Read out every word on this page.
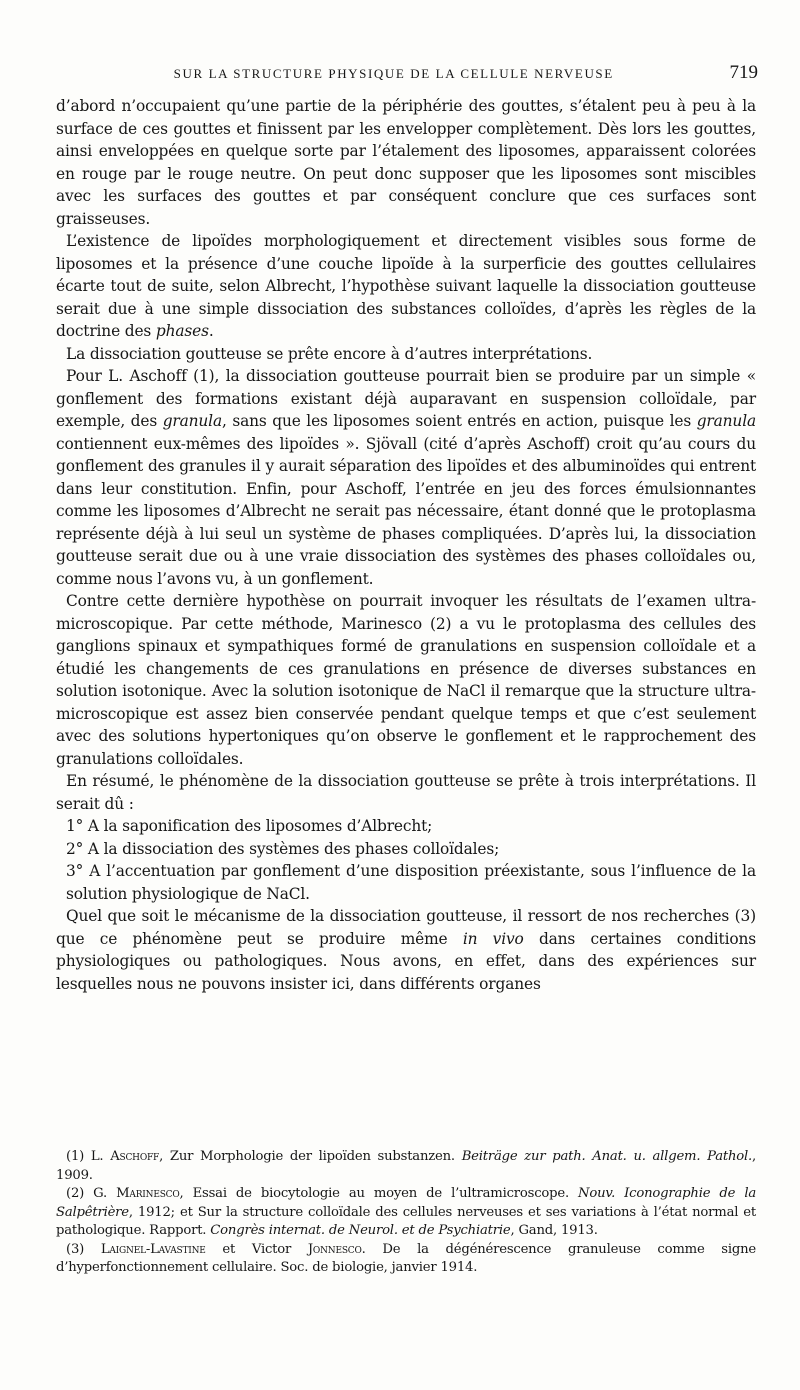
SUR LA STRUCTURE PHYSIQUE DE LA CELLULE NERVEUSE	719

d’abord n’occupaient qu’une partie de la périphérie des gouttes, s’étalent peu à peu à la surface de ces gouttes et finissent par les envelopper complètement. Dès lors les gouttes, ainsi enveloppées en quelque sorte par l’étalement des liposomes, apparaissent colorées en rouge par le rouge neutre. On peut donc supposer que les liposomes sont miscibles avec les surfaces des gouttes et par conséquent conclure que ces surfaces sont graisseuses.

L’existence de lipoïdes morphologiquement et directement visibles sous forme de liposomes et la présence d’une couche lipoïde à la surperficie des gouttes cellulaires écarte tout de suite, selon Albrecht, l’hypothèse suivant laquelle la dissociation goutteuse serait due à une simple dissociation des substances colloïdes, d’après les règles de la doctrine des phases.

La dissociation goutteuse se prête encore à d’autres interprétations.

Pour L. Aschoff (1), la dissociation goutteuse pourrait bien se produire par un simple « gonflement des formations existant déjà auparavant en suspension colloïdale, par exemple, des granula, sans que les liposomes soient entrés en action, puisque les granula contiennent eux-mêmes des lipoïdes ». Sjövall (cité d’après Aschoff) croit qu’au cours du gonflement des granules il y aurait séparation des lipoïdes et des albuminoïdes qui entrent dans leur constitution. Enfin, pour Aschoff, l’entrée en jeu des forces émulsionnantes comme les liposomes d’Albrecht ne serait pas nécessaire, étant donné que le protoplasma représente déjà à lui seul un système de phases compliquées. D’après lui, la dissociation goutteuse serait due ou à une vraie dissociation des systèmes des phases colloïdales ou, comme nous l’avons vu, à un gonflement.

Contre cette dernière hypothèse on pourrait invoquer les résultats de l’examen ultra-microscopique. Par cette méthode, Marinesco (2) a vu le protoplasma des cellules des ganglions spinaux et sympathiques formé de granulations en suspension colloïdale et a étudié les changements de ces granulations en présence de diverses substances en solution isotonique. Avec la solution isotonique de NaCl il remarque que la structure ultra-microscopique est assez bien conservée pendant quelque temps et que c’est seulement avec des solutions hypertoniques qu’on observe le gonflement et le rapprochement des granulations colloïdales.

En résumé, le phénomène de la dissociation goutteuse se prête à trois interprétations. Il serait dû :

1° A la saponification des liposomes d’Albrecht;

2° A la dissociation des systèmes des phases colloïdales;

3° A l’accentuation par gonflement d’une disposition préexistante, sous l’influence de la solution physiologique de NaCl.

Quel que soit le mécanisme de la dissociation goutteuse, il ressort de nos recherches (3) que ce phénomène peut se produire même in vivo dans certaines conditions physiologiques ou pathologiques. Nous avons, en effet, dans des expériences sur lesquelles nous ne pouvons insister ici, dans différents organes

(1) L. Aschoff, Zur Morphologie der lipoïden substanzen. Beiträge zur path. Anat. u. allgem. Pathol., 1909.

(2) G. Marinesco, Essai de biocytologie au moyen de l’ultramicroscope. Nouv. Iconographie de la Salpêtrière, 1912; et Sur la structure colloïdale des cellules nerveuses et ses variations à l’état normal et pathologique. Rapport. Congrès internat. de Neurol. et de Psychiatrie, Gand, 1913.

(3) Laignel-Lavastine et Victor Jonnesco. De la dégénérescence granuleuse comme signe d’hyperfonctionnement cellulaire. Soc. de biologie, janvier 1914.
